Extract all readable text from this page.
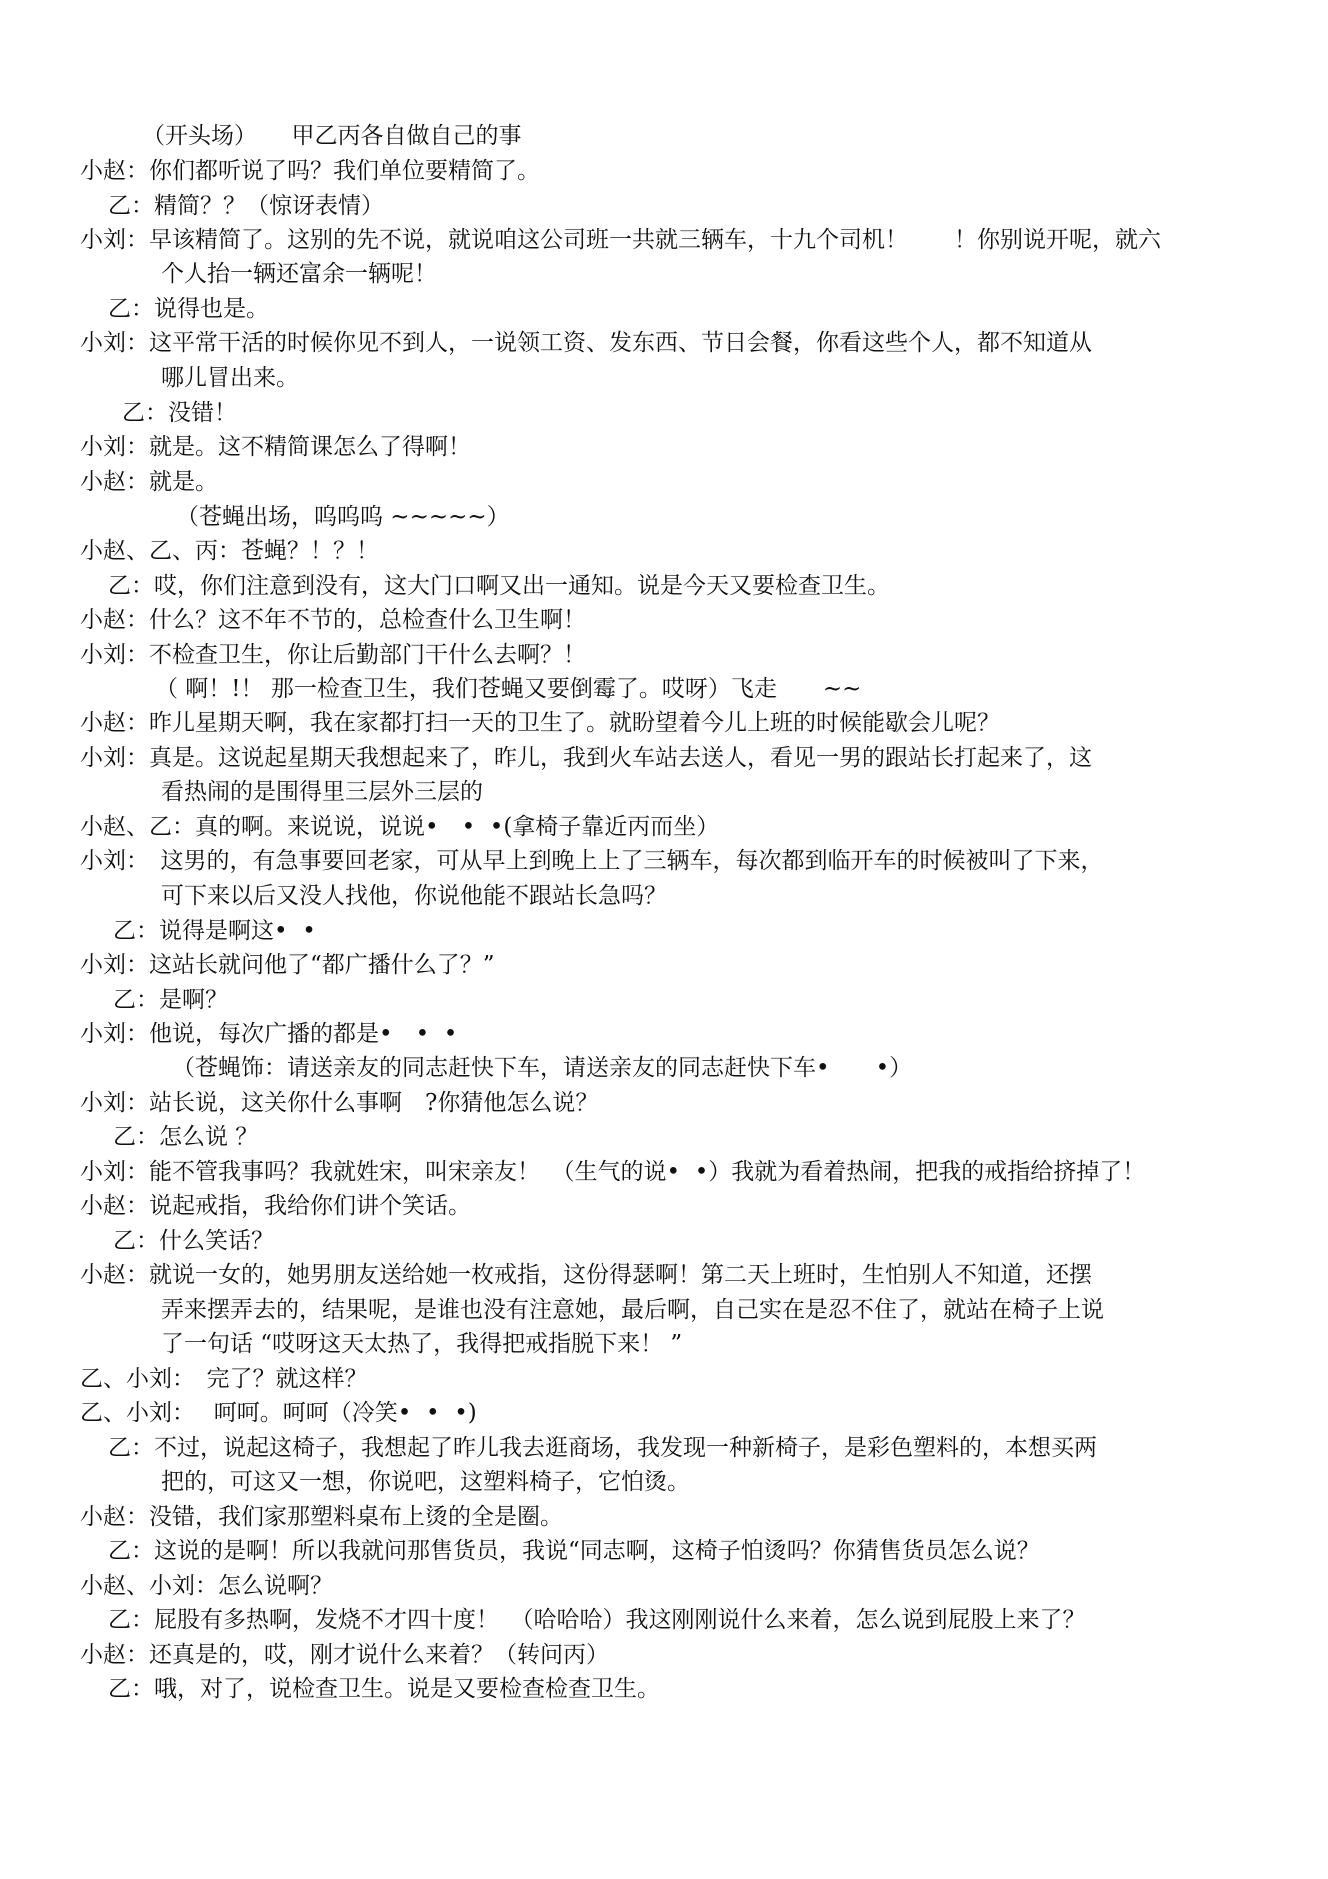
（开头场）　　甲乙丙各自做自己的事
小赵：你们都听说了吗？我们单位要精简了。
乙：精简？？（惊讶表情）
小刘：早该精简了。这别的先不说，就说咱这公司班一共就三辆车，十九个司机！　　！你别说开呢，就六
个人抬一辆还富余一辆呢！
乙：说得也是。
小刘：这平常干活的时候你见不到人，一说领工资、发东西、节日会餐，你看这些个人，都不知道从
哪儿冒出来。
乙：没错！
小刘：就是。这不精简课怎么了得啊！
小赵：就是。
（苍蝇出场，呜呜呜 ~~~~~）
小赵、乙、丙：苍蝇？！？！
乙：哎，你们注意到没有，这大门口啊又出一通知。说是今天又要检查卫生。
小赵：什么？这不年不节的，总检查什么卫生啊！
小刘：不检查卫生，你让后勤部门干什么去啊？！
（ 啊！!！ 那一检查卫生，我们苍蝇又要倒霉了。哎呀）飞走　　~~
小赵：昨儿星期天啊，我在家都打扫一天的卫生了。就盼望着今儿上班的时候能歇会儿呢？
小刘：真是。这说起星期天我想起来了，昨儿，我到火车站去送人，看见一男的跟站长打起来了，这
看热闹的是围得里三层外三层的
小赵、乙：真的啊。来说说，说说•　•  •(拿椅子靠近丙而坐）
小刘：　这男的，有急事要回老家，可从早上到晚上上了三辆车，每次都到临开车的时候被叫了下来，
可下来以后又没人找他，你说他能不跟站长急吗？
乙：说得是啊这•  •
小刘：这站长就问他了“都广播什么了？”
乙：是啊？
小刘：他说，每次广播的都是•　•  •
（苍蝇饰：请送亲友的同志赶快下车，请送亲友的同志赶快下车•　　•）
小刘：站长说，这关你什么事啊　?你猜他怎么说？
乙：怎么说 ？
小刘：能不管我事吗？我就姓宋，叫宋亲友！　（生气的说•  •）我就为看着热闹，把我的戒指给挤掉了！
小赵：说起戒指，我给你们讲个笑话。
乙：什么笑话？
小赵：就说一女的，她男朋友送给她一枚戒指，这份得瑟啊！第二天上班时，生怕别人不知道，还摆
弄来摆弄去的，结果呢，是谁也没有注意她，最后啊，自己实在是忍不住了，就站在椅子上说
了一句话 “哎呀这天太热了，我得把戒指脱下来！ ”
乙、小刘：　完了？就这样？
乙、小刘：　 呵呵。呵呵（冷笑•  •  •)
乙：不过，说起这椅子，我想起了昨儿我去逛商场，我发现一种新椅子，是彩色塑料的，本想买两
把的，可这又一想，你说吧，这塑料椅子，它怕烫。
小赵：没错，我们家那塑料桌布上烫的全是圈。
乙：这说的是啊！所以我就问那售货员，我说“同志啊，这椅子怕烫吗？你猜售货员怎么说？
小赵、小刘：怎么说啊？
乙：屁股有多热啊，发烧不才四十度！　（哈哈哈）我这刚刚说什么来着，怎么说到屁股上来了？
小赵：还真是的，哎，刚才说什么来着？（转问丙）
乙：哦，对了，说检查卫生。说是又要检查检查卫生。
